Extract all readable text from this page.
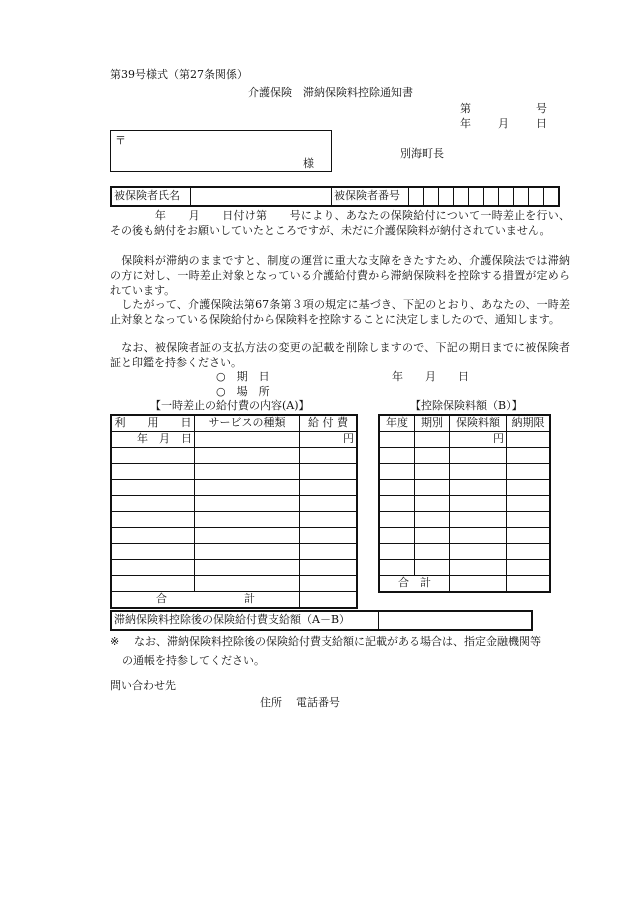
第39号様式（第27条関係）
介護保険　滞納保険料控除通知書
第	号
年 月 日
〒
様
別海町長
被保険者氏名		被保険者番号										
　　　　年　　月　　日付け第　　号により、あなたの保険給付について一時差止を行い、その後も納付をお願いしていたところですが、未だに介護保険料が納付されていません。
　保険料が滞納のままですと、制度の運営に重大な支障をきたすため、介護保険法では滞納の方に対し、一時差止対象となっている介護給付費から滞納保険料を控除する措置が定められています。
　したがって、介護保険法第67条第３項の規定に基づき、下記のとおり、あなたの、一時差止対象となっている保険給付から保険料を控除することに決定しましたので、通知します。
　なお、被保険者証の支払方法の変更の記載を削除しますので、下記の期日までに被保険者証と印鑑を持参ください。
○　期　日	年　　月　　日
○　場　所
【一時差止の給付費の内容(A)】
利　　用　　日	サービスの種類	給 付 費
年　月　日		円

合　　　　　　　計		
【控除保険料額（B）】
年度	期別	保険料額	納期限
		円	

合　計			
滞納保険料控除後の保険給付費支給額（A－B）	
※ なお、滞納保険料控除後の保険給付費支給額に記載がある場合は、指定金融機関等
の通帳を持参してください。
問い合わせ先
住所 電話番号
